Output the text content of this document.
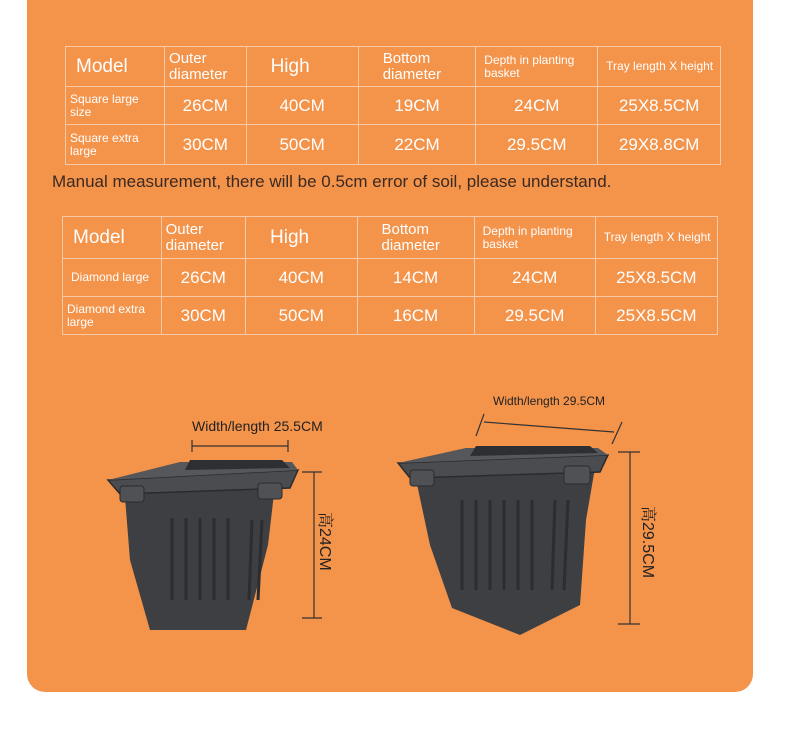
Model	Outer diameter	High	Bottom diameter	Depth in planting basket	Tray length X height
Square large size	26CM	40CM	19CM	24CM	25X8.5CM
Square extra large	30CM	50CM	22CM	29.5CM	29X8.8CM
Manual measurement, there will be 0.5cm error of soil, please understand.
Model	Outer diameter	High	Bottom diameter	Depth in planting basket	Tray length X height
Diamond large	26CM	40CM	14CM	24CM	25X8.5CM
Diamond extra large	30CM	50CM	16CM	29.5CM	25X8.5CM
Width/length 25.5CM
Width/length 29.5CM
高24CM	高29.5CM
